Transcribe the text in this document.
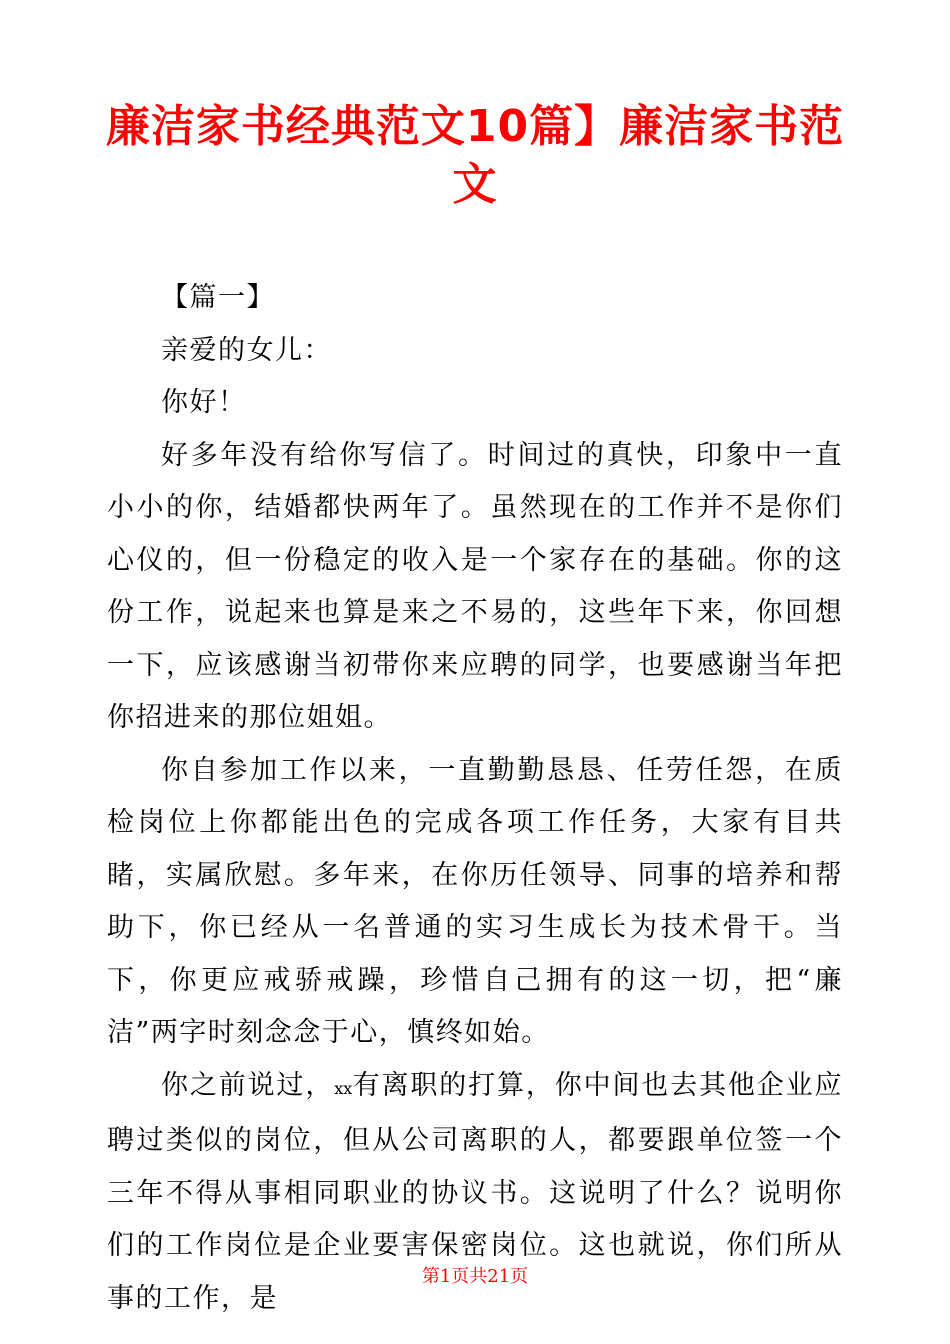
廉洁家书经典范文10篇】廉洁家书范文

【篇一】

亲爱的女儿：

你好！

好多年没有给你写信了。时间过的真快，印象中一直小小的你，结婚都快两年了。虽然现在的工作并不是你们心仪的，但一份稳定的收入是一个家存在的基础。你的这份工作，说起来也算是来之不易的，这些年下来，你回想一下，应该感谢当初带你来应聘的同学，也要感谢当年把你招进来的那位姐姐。

你自参加工作以来，一直勤勤恳恳、任劳任怨，在质检岗位上你都能出色的完成各项工作任务，大家有目共睹，实属欣慰。多年来，在你历任领导、同事的培养和帮助下，你已经从一名普通的实习生成长为技术骨干。当下，你更应戒骄戒躁，珍惜自己拥有的这一切，把“廉洁”两字时刻念念于心，慎终如始。

你之前说过，xx有离职的打算，你中间也去其他企业应聘过类似的岗位，但从公司离职的人，都要跟单位签一个三年不得从事相同职业的协议书。这说明了什么？说明你们的工作岗位是企业要害保密岗位。这也就说，你们所从事的工作，是

第1页共21页
